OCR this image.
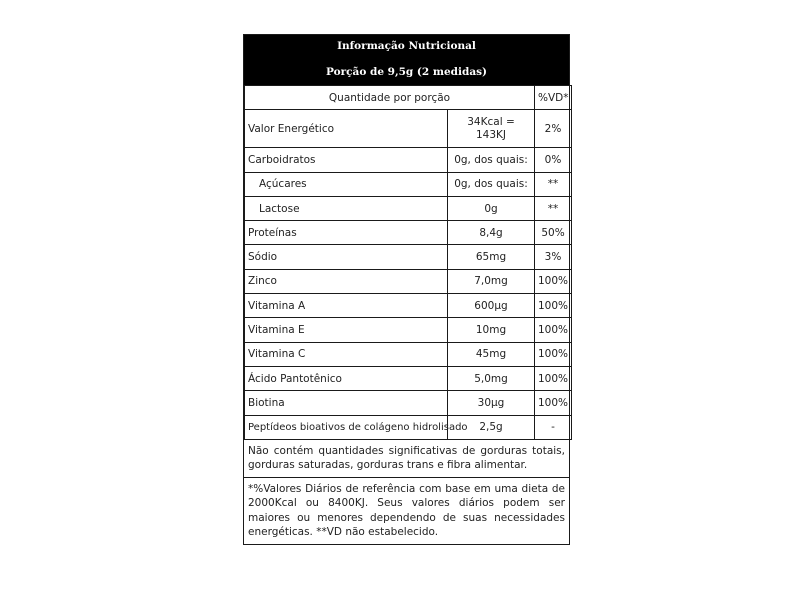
Informação Nutricional
Porção de 9,5g (2 medidas)
Quantidade por porção		%VD*
Valor Energético	34Kcal = 143KJ	2%
Carboidratos	0g, dos quais:	0%
Açúcares	0g, dos quais:	**
Lactose	0g	**
Proteínas	8,4g	50%
Sódio	65mg	3%
Zinco	7,0mg	100%
Vitamina A	600µg	100%
Vitamina E	10mg	100%
Vitamina C	45mg	100%
Ácido Pantotênico	5,0mg	100%
Biotina	30µg	100%
Peptídeos bioativos de colágeno hidrolisado	2,5g	-
Não contém quantidades significativas de gorduras totais, gorduras saturadas, gorduras trans e fibra alimentar.
*%Valores Diários de referência com base em uma dieta de 2000Kcal ou 8400KJ. Seus valores diários podem ser maiores ou menores dependendo de suas necessidades energéticas. **VD não estabelecido.
